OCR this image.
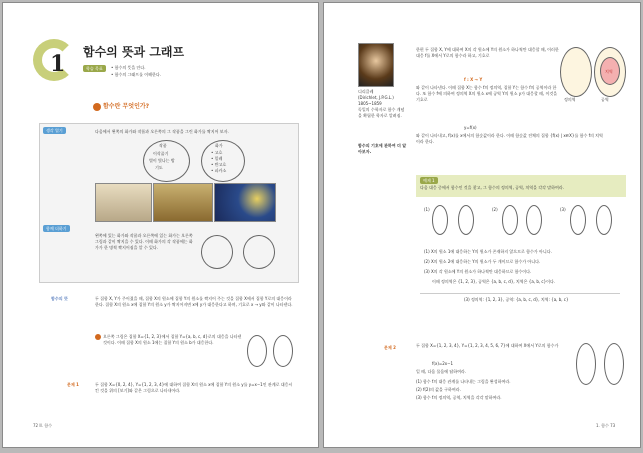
1 함수의 뜻과 그래프
학습 목표	• 함수의 뜻을 안다.
• 함수의 그래프를 이해한다.
함수란 무엇인가?
생각 열기	다음에서 왼쪽의 화가와 작품과 오른쪽의 그 작품을 그린 화가를 짝지어 보자.
작품
이삭줍기
별이 빛나는 밤
기도
화가
• 고흐
• 밀레
• 반고흐
• 피카소
함께 더하기
왼쪽에 있는 화가와 작품과 오른쪽에 있는 화가는 오른쪽 그림과 같이 짝지을 수 있다. 이때 화가의 각 작품에는 화가가 한 명씩 짝지어짐을 알 수 있다.
함수의 뜻	두 집합 X, Y가 주어졌을 때, 집합 X의 원소에 집합 Y의 원소를 짝지어 주는 것을 집합 X에서 집합 Y로의 대응이라 한다. 집합 X의 원소 x에 집합 Y의 원소 y가 짝지어지면 x에 y가 대응한다고 하며, 기호로 x → y와 같이 나타낸다.
오른쪽 그림은 집합 X={1, 2, 3}에서 집합 Y={a, b, c, d}로의 대응을 나타낸 것이다. 이때 집합 X의 원소 1에는 집합 Y의 원소 b가 대응한다.
문제 1	두 집합 X={0, 2, 4}, Y={1, 2, 3, 4}에 대하여 집합 X의 원소 x에 집합 Y의 원소 y를 y=x−1인 관계로 대응시킨 것을 위의 [보기]와 같은 그림으로 나타내어라.
72 II. 함수
디리클레
(Dirichlet, J.P.G.L.)
1805~1859
독일의 수학자로 함수 개념을 확립한 학자로 알려짐.
함수의 기호에 관하여 더 알아보자.
한편 두 집합 X, Y에 대하여 X의 각 원소에 Y의 원소가 하나씩만 대응할 때, 이러한 대응 f를 X에서 Y로의 함수라 하고, 기호로
f : X → Y
와 같이 나타낸다. 이때 집합 X는 함수 f의 정의역, 집합 Y는 함수 f의 공역이라 한다. 또 함수 f에 의하여 정의역 X의 원소 x에 공역 Y의 원소 y가 대응할 때, 이것을 기호로
y=f(x)
와 같이 나타내고, f(x)를 x에서의 함숫값이라 한다. 이때 함숫값 전체의 집합 {f(x) | x∈X}를 함수 f의 치역이라 한다.
정의역	공역
치역
예제 1
다음 대응 중에서 함수인 것을 찾고, 그 함수의 정의역, 공역, 치역을 각각 말하여라.
(1)	(2)	(3)
(1) X의 원소 1에 대응하는 Y의 원소가 존재하지 않으므로 함수가 아니다.
(2) X의 원소 2에 대응하는 Y의 원소가 두 개이므로 함수가 아니다.
(3) X의 각 원소에 Y의 원소가 하나씩만 대응하므로 함수이다.
이때 정의역은 {1, 2, 3}, 공역은 {a, b, c, d}, 치역은 {a, b, c}이다.
(3) 정의역: {1, 2, 3}, 공역: {a, b, c, d}, 치역: {a, b, c}
문제 2	두 집합 X={1, 2, 3, 4}, Y={1, 2, 3, 4, 5, 6, 7}에 대하여 X에서 Y로의 함수가
f(x)=2x−1
일 때, 다음 물음에 답하여라.
(1) 함수 f의 대응 관계를 나타내는 그림을 완성하여라.
(2) f(2)의 값을 구하여라.
(3) 함수 f의 정의역, 공역, 치역을 각각 말하여라.
1. 함수 73
